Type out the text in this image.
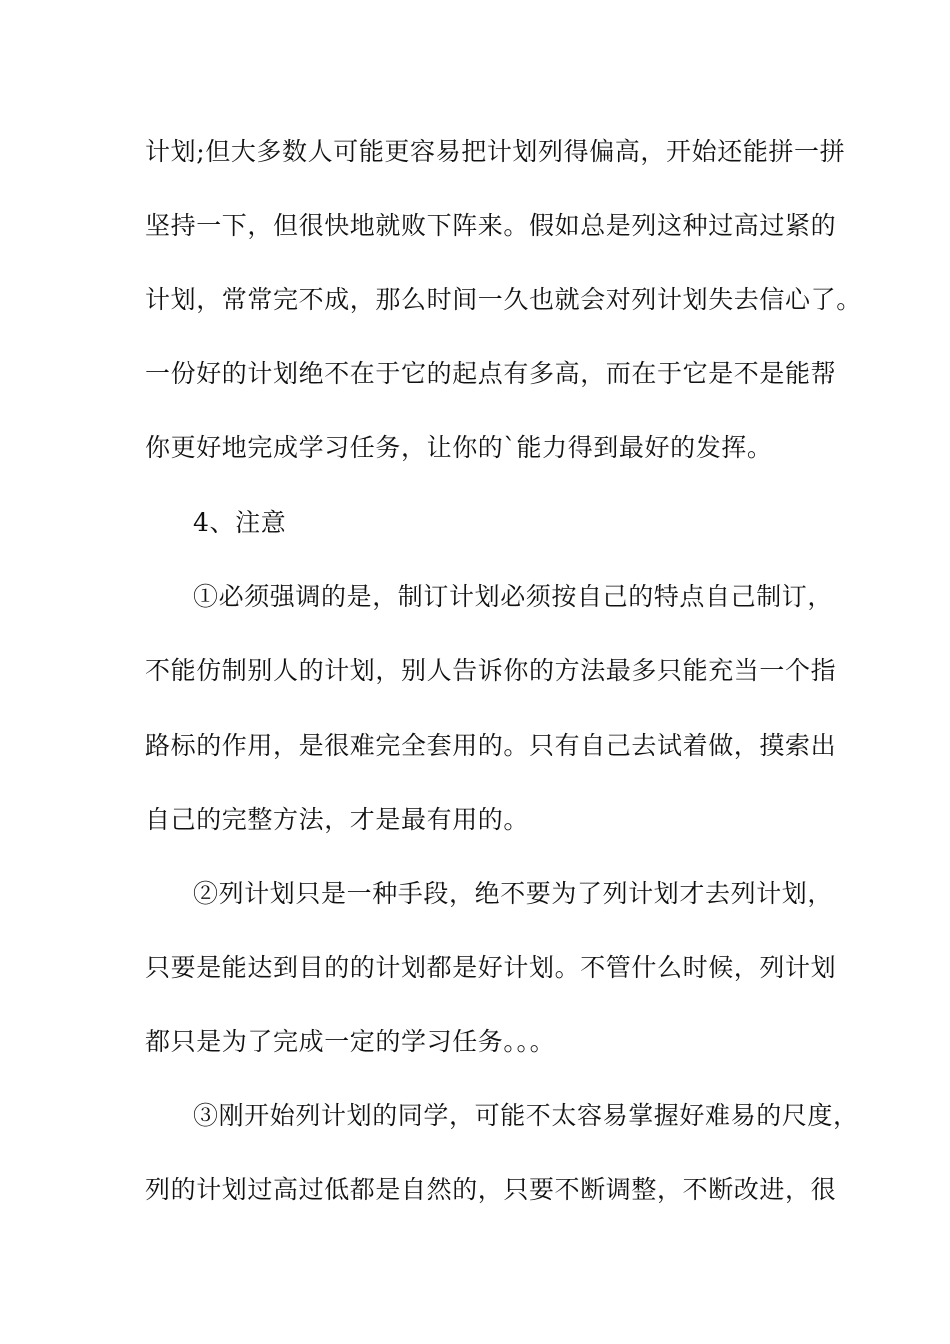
计划;但大多数人可能更容易把计划列得偏高，开始还能拼一拼
坚持一下，但很快地就败下阵来。假如总是列这种过高过紧的
计划，常常完不成，那么时间一久也就会对列计划失去信心了。
一份好的计划绝不在于它的起点有多高，而在于它是不是能帮
你更好地完成学习任务，让你的`能力得到最好的发挥。
4、注意
①必须强调的是，制订计划必须按自己的特点自己制订，
不能仿制别人的计划，别人告诉你的方法最多只能充当一个指
路标的作用，是很难完全套用的。只有自己去试着做，摸索出
自己的完整方法，才是最有用的。
②列计划只是一种手段，绝不要为了列计划才去列计划，
只要是能达到目的的计划都是好计划。不管什么时候，列计划
都只是为了完成一定的学习任务。。。
③刚开始列计划的同学，可能不太容易掌握好难易的尺度，
列的计划过高过低都是自然的，只要不断调整，不断改进，很
